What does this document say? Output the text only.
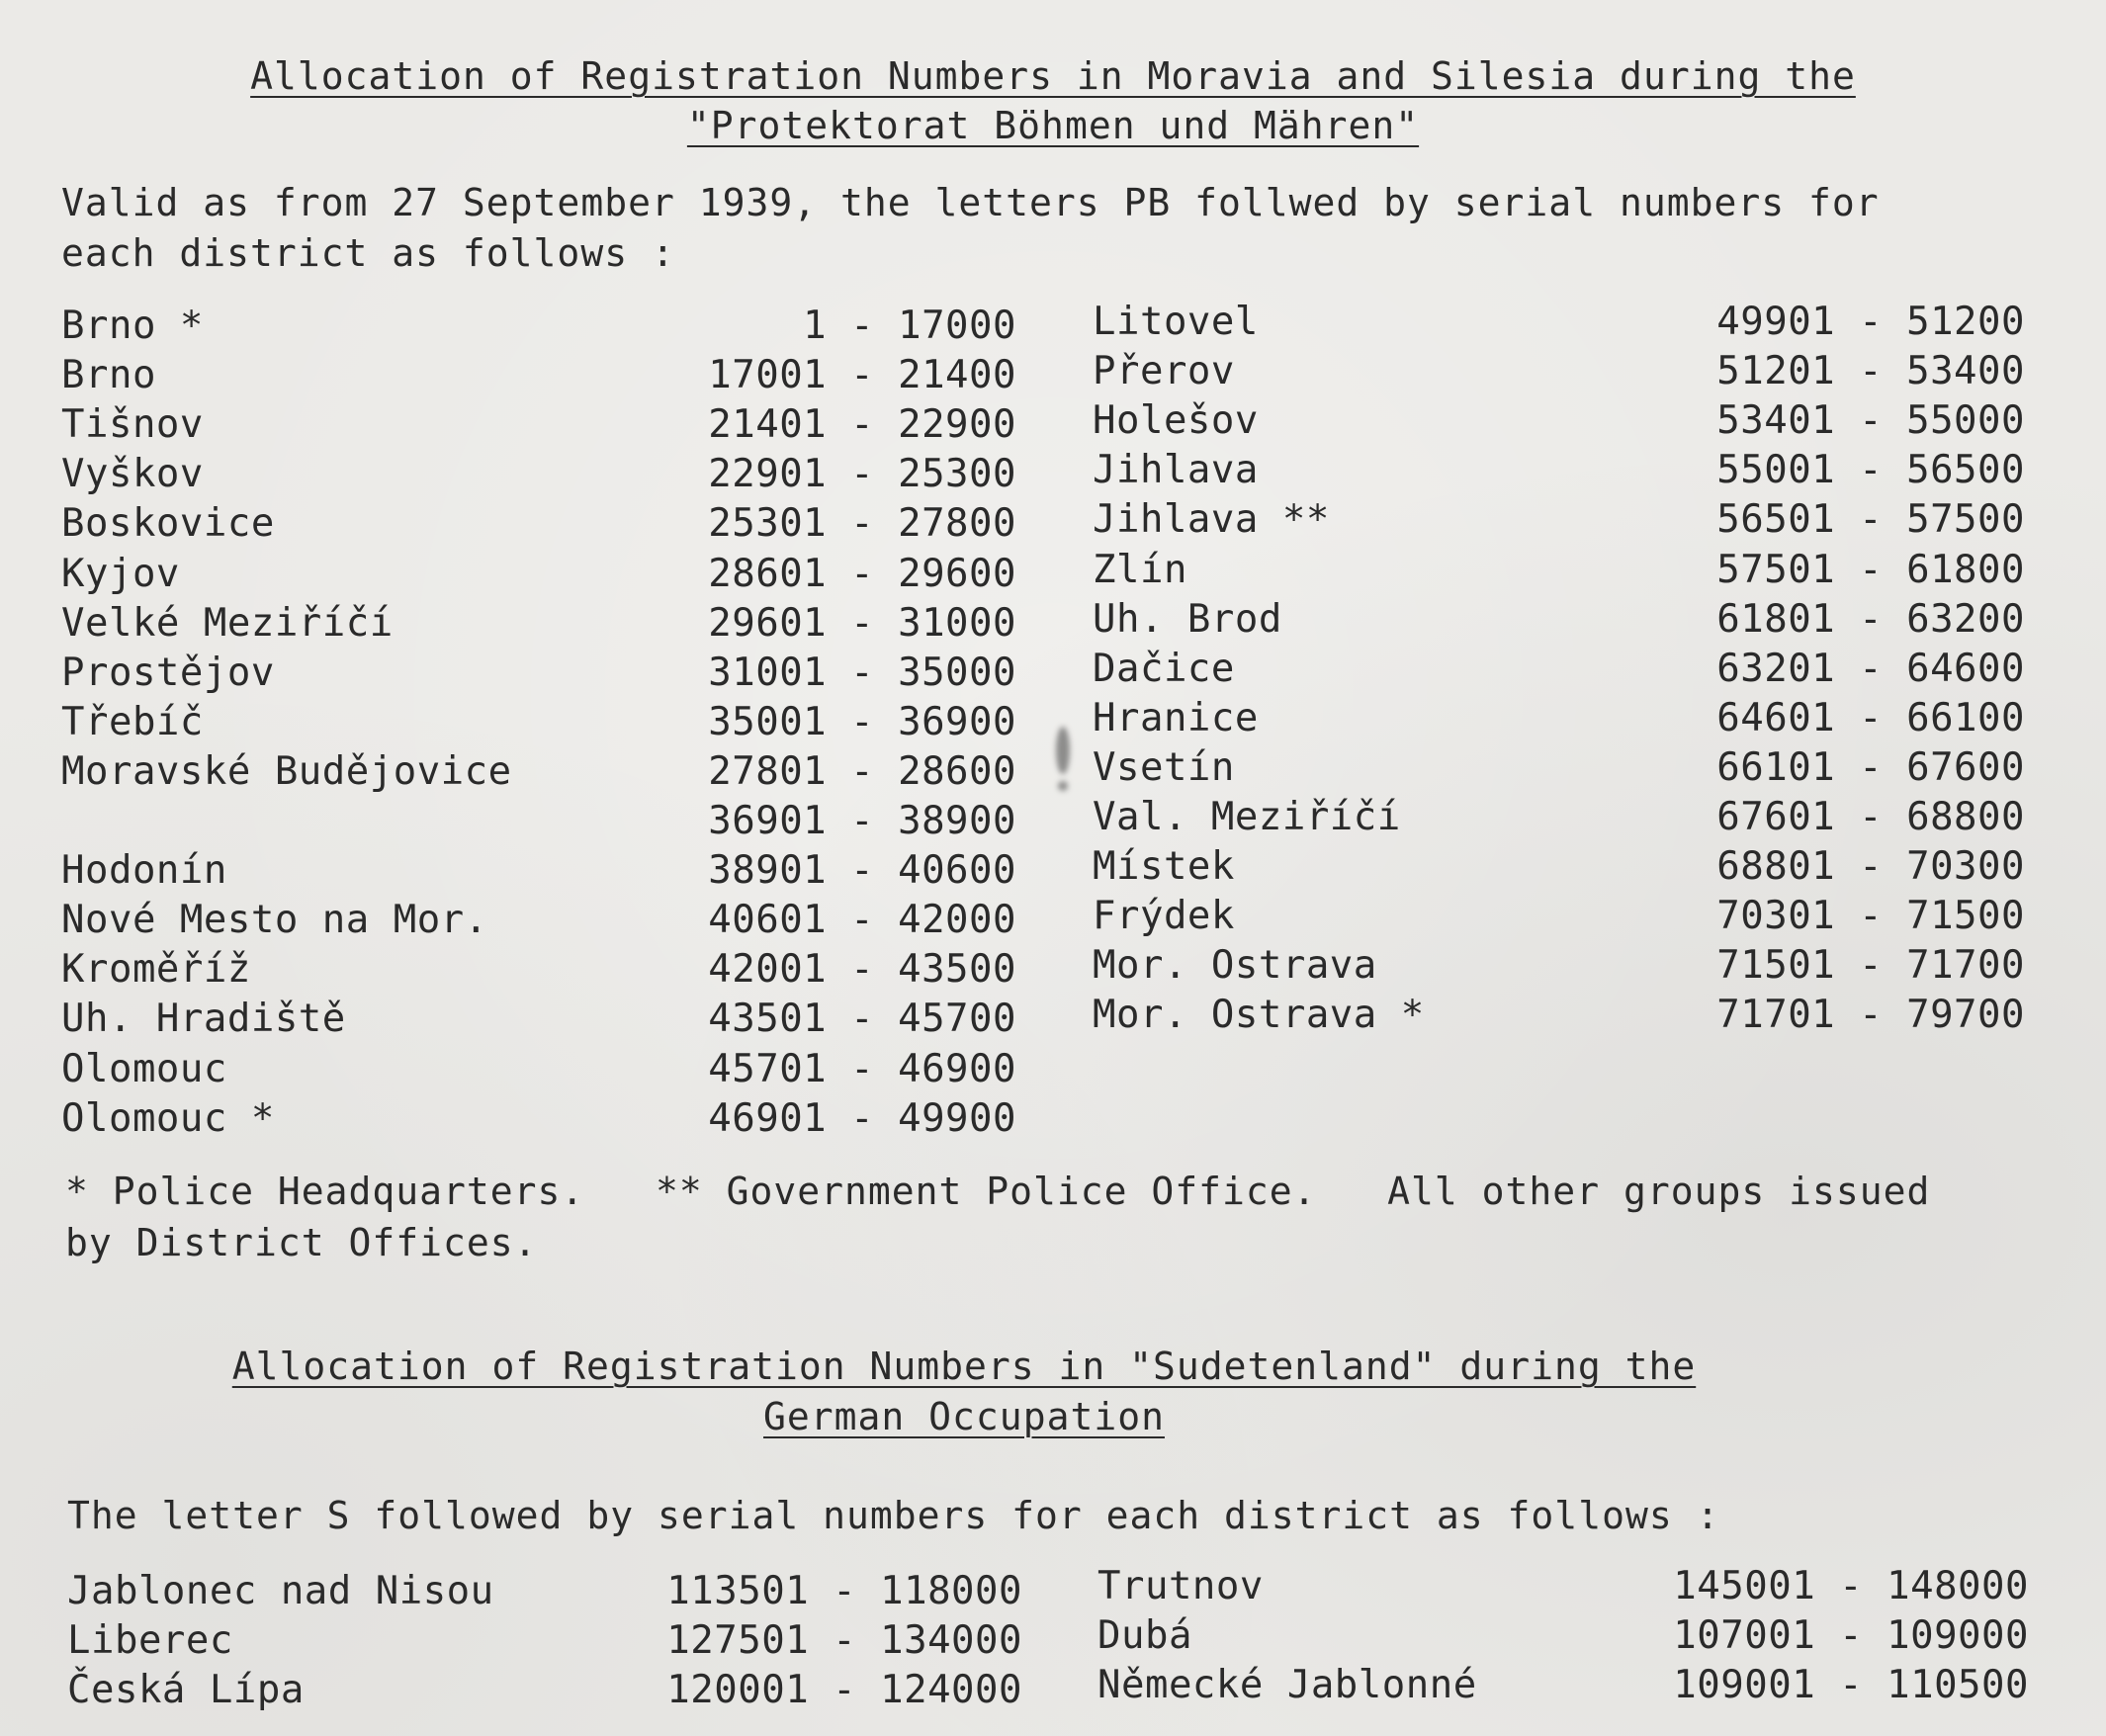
Allocation of Registration Numbers in Moravia and Silesia during the
"Protektorat Böhmen und Mähren"
Valid as from 27 September 1939, the letters PB follwed by serial numbers for
each district as follows :
Brno *	1 - 17000
Brno	17001 - 21400
Tišnov	21401 - 22900
Vyškov	22901 - 25300
Boskovice	25301 - 27800
Kyjov	28601 - 29600
Velké Meziříčí	29601 - 31000
Prostějov	31001 - 35000
Třebíč	35001 - 36900
Moravské Budějovice	27801 - 28600
36901 - 38900
Hodonín	38901 - 40600
Nové Mesto na Mor.	40601 - 42000
Kroměříž	42001 - 43500
Uh. Hradiště	43501 - 45700
Olomouc	45701 - 46900
Olomouc *	46901 - 49900
Litovel	49901 - 51200
Přerov	51201 - 53400
Holešov	53401 - 55000
Jihlava	55001 - 56500
Jihlava **	56501 - 57500
Zlín	57501 - 61800
Uh. Brod	61801 - 63200
Dačice	63201 - 64600
Hranice	64601 - 66100
Vsetín	66101 - 67600
Val. Meziříčí	67601 - 68800
Místek	68801 - 70300
Frýdek	70301 - 71500
Mor. Ostrava	71501 - 71700
Mor. Ostrava *	71701 - 79700
* Police Headquarters.   ** Government Police Office.   All other groups issued
by District Offices.
Allocation of Registration Numbers in "Sudetenland" during the
German Occupation
The letter S followed by serial numbers for each district as follows :
Jablonec nad Nisou	113501 - 118000
Liberec	127501 - 134000
Česká Lípa	120001 - 124000
Trutnov	145001 - 148000
Dubá	107001 - 109000
Německé Jablonné	109001 - 110500
